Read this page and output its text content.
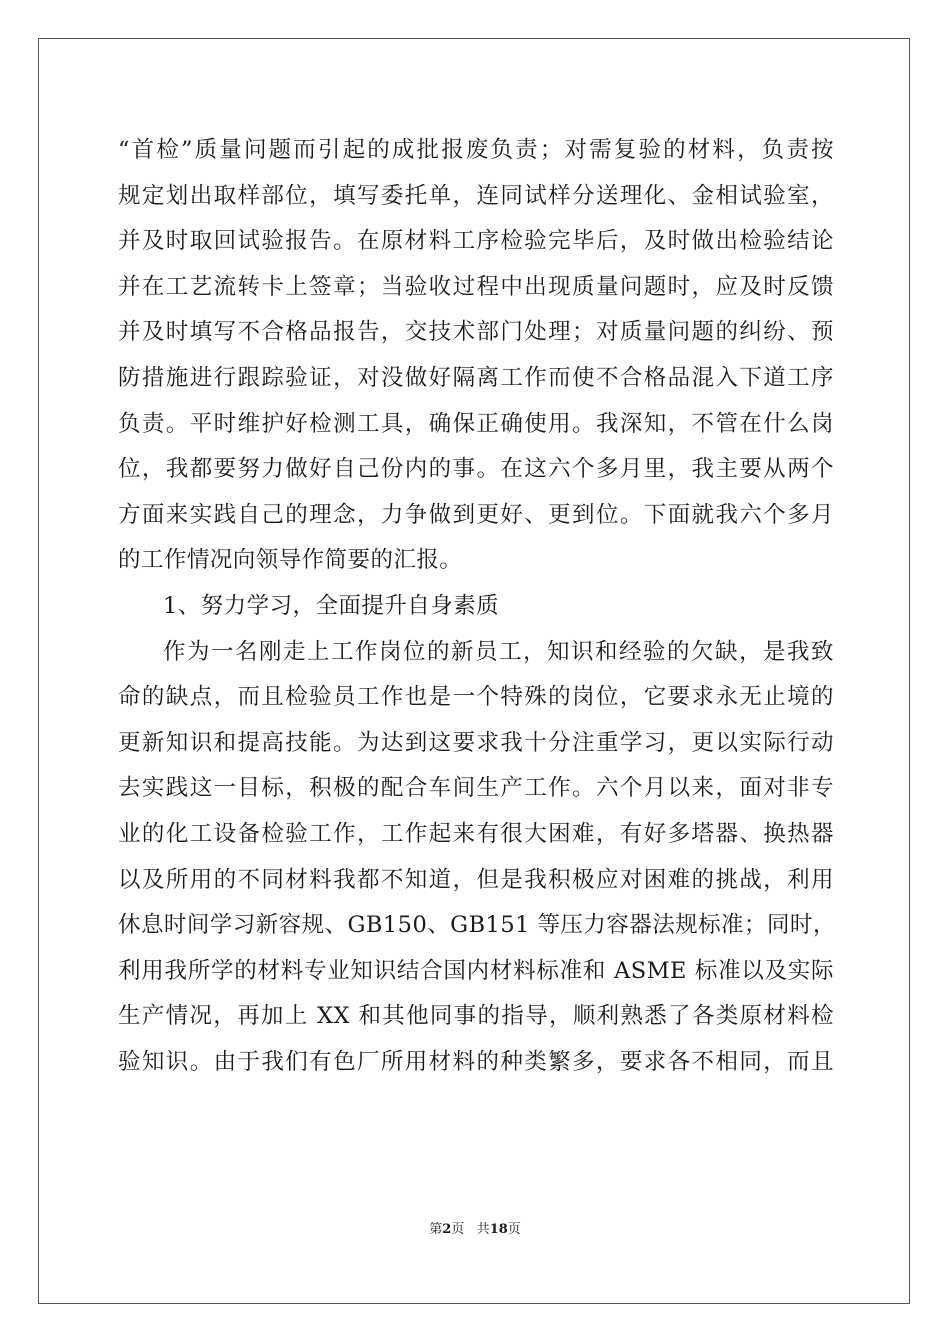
“首检”质量问题而引起的成批报废负责；对需复验的材料，负责按
规定划出取样部位，填写委托单，连同试样分送理化、金相试验室，
并及时取回试验报告。在原材料工序检验完毕后，及时做出检验结论
并在工艺流转卡上签章；当验收过程中出现质量问题时，应及时反馈
并及时填写不合格品报告，交技术部门处理；对质量问题的纠纷、预
防措施进行跟踪验证，对没做好隔离工作而使不合格品混入下道工序
负责。平时维护好检测工具，确保正确使用。我深知，不管在什么岗
位，我都要努力做好自己份内的事。在这六个多月里，我主要从两个
方面来实践自己的理念，力争做到更好、更到位。下面就我六个多月
的工作情况向领导作简要的汇报。
1、努力学习，全面提升自身素质
作为一名刚走上工作岗位的新员工，知识和经验的欠缺，是我致
命的缺点，而且检验员工作也是一个特殊的岗位，它要求永无止境的
更新知识和提高技能。为达到这要求我十分注重学习，更以实际行动
去实践这一目标，积极的配合车间生产工作。六个月以来，面对非专
业的化工设备检验工作，工作起来有很大困难，有好多塔器、换热器
以及所用的不同材料我都不知道，但是我积极应对困难的挑战，利用
休息时间学习新容规、GB150、GB151 等压力容器法规标准；同时，
利用我所学的材料专业知识结合国内材料标准和 ASME 标准以及实际
生产情况，再加上 XX 和其他同事的指导，顺利熟悉了各类原材料检
验知识。由于我们有色厂所用材料的种类繁多，要求各不相同，而且
第2页 共18页
